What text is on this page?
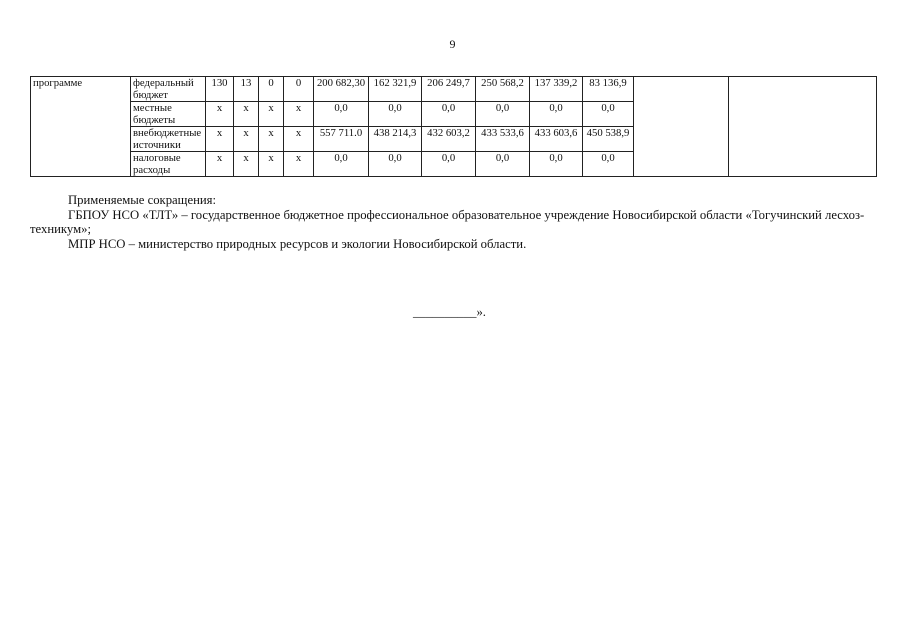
9
программе	федеральный бюджет	130	13	0	0	200 682,30	162 321,9	206 249,7	250 568,2	137 339,2	83 136,9		
	местные бюджеты	x	x	x	x	0,0	0,0	0,0	0,0	0,0	0,0		
	внебюджетные источники	x	x	x	x	557 711.0	438 214,3	432 603,2	433 533,6	433 603,6	450 538,9		
	налоговые расходы	x	x	x	x	0,0	0,0	0,0	0,0	0,0	0,0		
Применяемые сокращения:
ГБПОУ НСО «ТЛТ» – государственное бюджетное профессиональное образовательное учреждение Новосибирской области «Тогучинский лесхоз-
техникум»;
МПР НСО – министерство природных ресурсов и экологии Новосибирской области.
__________».
